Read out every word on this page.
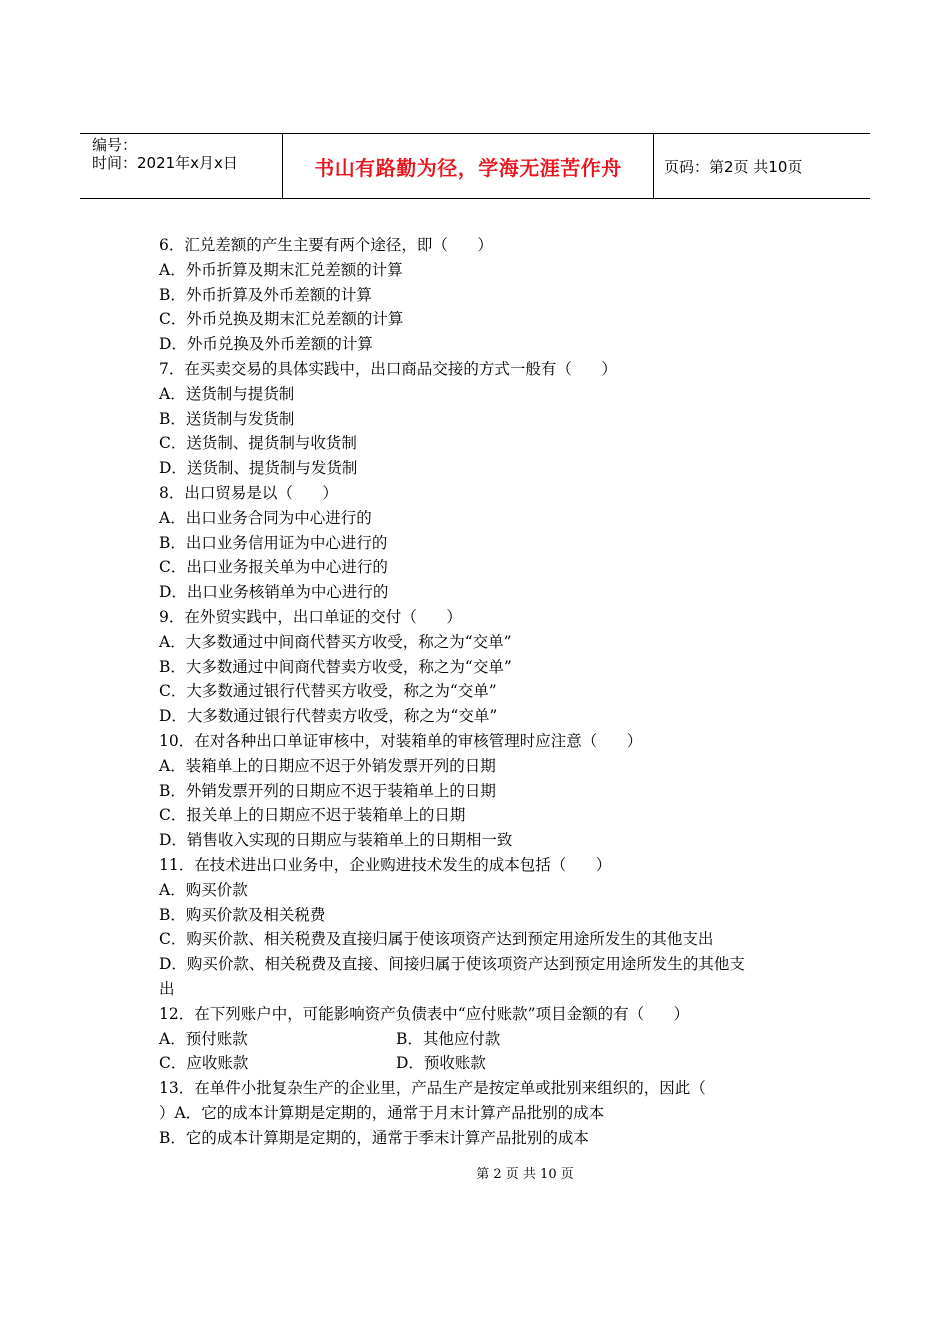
编号：
时间：2021年x月x日	书山有路勤为径，学海无涯苦作舟	页码：第2页 共10页
6．汇兑差额的产生主要有两个途径，即（      ）
A．外币折算及期末汇兑差额的计算
B．外币折算及外币差额的计算
C．外币兑换及期末汇兑差额的计算
D．外币兑换及外币差额的计算
7．在买卖交易的具体实践中，出口商品交接的方式一般有（      ）
A．送货制与提货制
B．送货制与发货制
C．送货制、提货制与收货制
D．送货制、提货制与发货制
8．出口贸易是以（      ）
A．出口业务合同为中心进行的
B．出口业务信用证为中心进行的
C．出口业务报关单为中心进行的
D．出口业务核销单为中心进行的
9．在外贸实践中，出口单证的交付（      ）
A．大多数通过中间商代替买方收受，称之为“交单”
B．大多数通过中间商代替卖方收受，称之为“交单”
C．大多数通过银行代替买方收受，称之为“交单”
D．大多数通过银行代替卖方收受，称之为“交单”
10．在对各种出口单证审核中，对装箱单的审核管理时应注意（      ）
A．装箱单上的日期应不迟于外销发票开列的日期
B．外销发票开列的日期应不迟于装箱单上的日期
C．报关单上的日期应不迟于装箱单上的日期
D．销售收入实现的日期应与装箱单上的日期相一致
11．在技术进出口业务中，企业购进技术发生的成本包括（      ）
A．购买价款
B．购买价款及相关税费
C．购买价款、相关税费及直接归属于使该项资产达到预定用途所发生的其他支出
D．购买价款、相关税费及直接、间接归属于使该项资产达到预定用途所发生的其他支
出
12．在下列账户中，可能影响资产负债表中“应付账款”项目金额的有（      ）
A．预付账款	B．其他应付款
C．应收账款	D．预收账款
13．在单件小批复杂生产的企业里，产品生产是按定单或批别来组织的，因此（
）A．它的成本计算期是定期的，通常于月末计算产品批别的成本
B．它的成本计算期是定期的，通常于季末计算产品批别的成本
第 2 页 共 10 页
